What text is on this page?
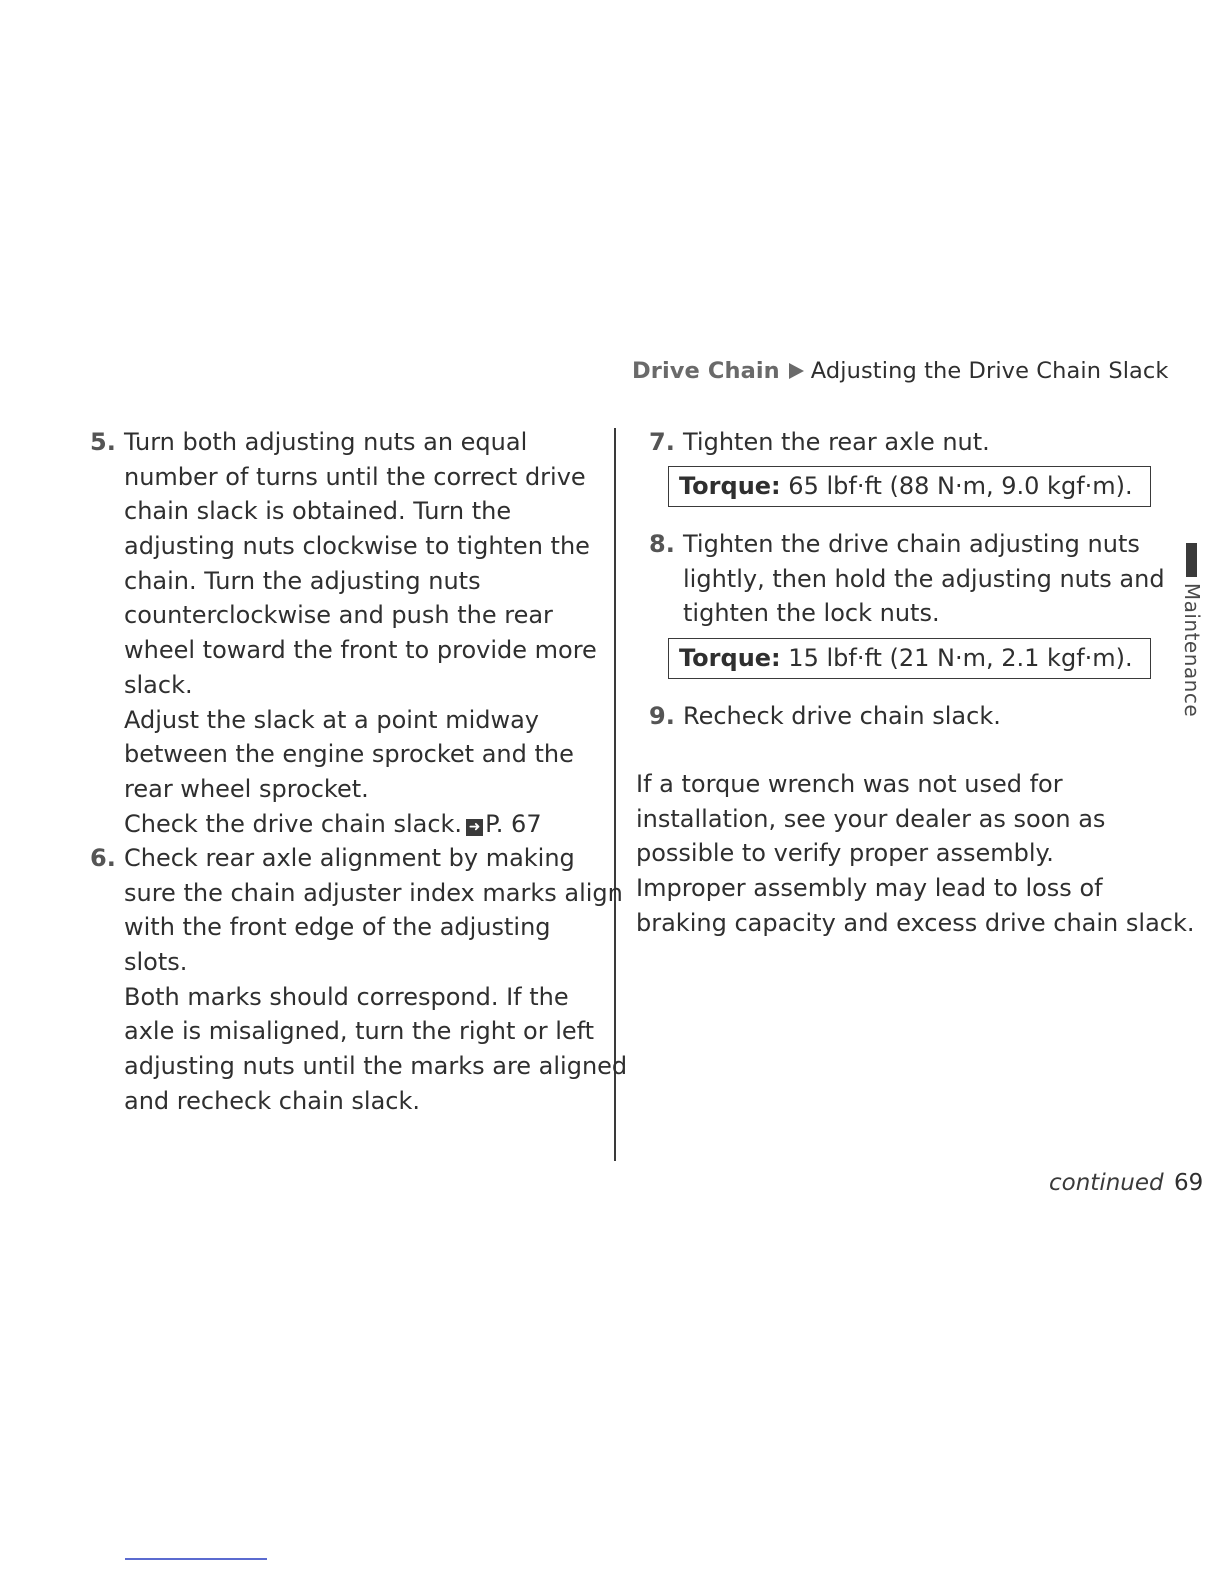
Drive Chain Adjusting the Drive Chain Slack
5. Turn both adjusting nuts an equal
number of turns until the correct drive
chain slack is obtained. Turn the
adjusting nuts clockwise to tighten the
chain. Turn the adjusting nuts
counterclockwise and push the rear
wheel toward the front to provide more
slack.
Adjust the slack at a point midway
between the engine sprocket and the
rear wheel sprocket.
Check the drive chain slack. ➜ P. 67
6. Check rear axle alignment by making
sure the chain adjuster index marks align
with the front edge of the adjusting
slots.
Both marks should correspond. If the
axle is misaligned, turn the right or left
adjusting nuts until the marks are aligned
and recheck chain slack.
7. Tighten the rear axle nut.
Torque: 65 lbf·ft (88 N·m, 9.0 kgf·m).
8. Tighten the drive chain adjusting nuts
lightly, then hold the adjusting nuts and
tighten the lock nuts.
Torque: 15 lbf·ft (21 N·m, 2.1 kgf·m).
9. Recheck drive chain slack.
If a torque wrench was not used for
installation, see your dealer as soon as
possible to verify proper assembly.
Improper assembly may lead to loss of
braking capacity and excess drive chain slack.
Maintenance
continued 69
